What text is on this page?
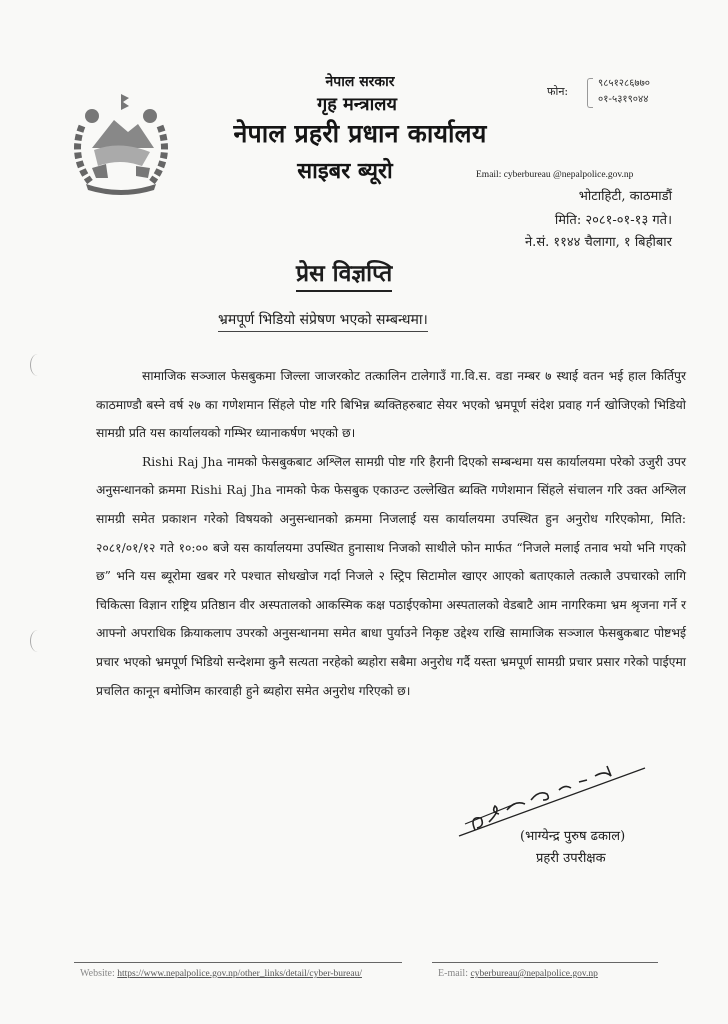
नेपाल सरकार
गृह मन्त्रालय
नेपाल प्रहरी प्रधान कार्यालय
साइबर ब्यूरो
फोन:
९८५१२८६७७०
०१-५३१९०४४
Email: cyberbureau @nepalpolice.gov.np
भोटाहिटी, काठमाडौं
मिति: २०८१-०१-१३ गते।
ने.सं. ११४४ चैलागा, १ बिहीबार
प्रेस विज्ञप्ति
भ्रमपूर्ण भिडियो संप्रेषण भएको सम्बन्धमा।

सामाजिक सञ्जाल फेसबुकमा जिल्ला जाजरकोट तत्कालिन टालेगाउँ गा.वि.स. वडा नम्बर ७ स्थाई वतन भई हाल किर्तिपुर काठमाण्डौ बस्ने वर्ष २७ का गणेशमान सिंहले पोष्ट गरि बिभिन्न ब्यक्तिहरुबाट सेयर भएको भ्रमपूर्ण संदेश प्रवाह गर्न खोजिएको भिडियो सामग्री प्रति यस कार्यालयको गम्भिर ध्यानाकर्षण भएको छ।

Rishi Raj Jha नामको फेसबुकबाट अश्लिल सामग्री पोष्ट गरि हैरानी दिएको सम्बन्धमा यस कार्यालयमा परेको उजुरी उपर अनुसन्धानको क्रममा Rishi Raj Jha नामको फेक फेसबुक एकाउन्ट उल्लेखित ब्यक्ति गणेशमान सिंहले संचालन गरि उक्त अश्लिल सामग्री समेत प्रकाशन गरेको विषयको अनुसन्धानको क्रममा निजलाई यस कार्यालयमा उपस्थित हुन अनुरोध गरिएकोमा, मिति: २०८१/०१/१२ गते १०:०० बजे यस कार्यालयमा उपस्थित हुनासाथ निजको साथीले फोन मार्फत “निजले मलाई तनाव भयो भनि गएको छ” भनि यस ब्यूरोमा खबर गरे पश्चात सोधखोज गर्दा निजले २ स्ट्रिप सिटामोल खाएर आएको बताएकाले तत्कालै उपचारको लागि चिकित्सा विज्ञान राष्ट्रिय प्रतिष्ठान वीर अस्पतालको आकस्मिक कक्ष पठाईएकोमा अस्पतालको वेडबाटै आम नागरिकमा भ्रम श्रृजना गर्ने र आफ्नो अपराधिक क्रियाकलाप उपरको अनुसन्धानमा समेत बाधा पुर्याउने निकृष्ट उद्देश्य राखि सामाजिक सञ्जाल फेसबुकबाट पोष्टभई प्रचार भएको भ्रमपूर्ण भिडियो सन्देशमा कुनै सत्यता नरहेको ब्यहोरा सबैमा अनुरोध गर्दै यस्ता भ्रमपूर्ण सामग्री प्रचार प्रसार गरेको पाईएमा प्रचलित कानून बमोजिम कारवाही हुने ब्यहोरा समेत अनुरोध गरिएको छ।

(भाग्येन्द्र पुरुष ढकाल)
प्रहरी उपरीक्षक
Website: https://www.nepalpolice.gov.np/other_links/detail/cyber-bureau/	E-mail: cyberbureau@nepalpolice.gov.np
